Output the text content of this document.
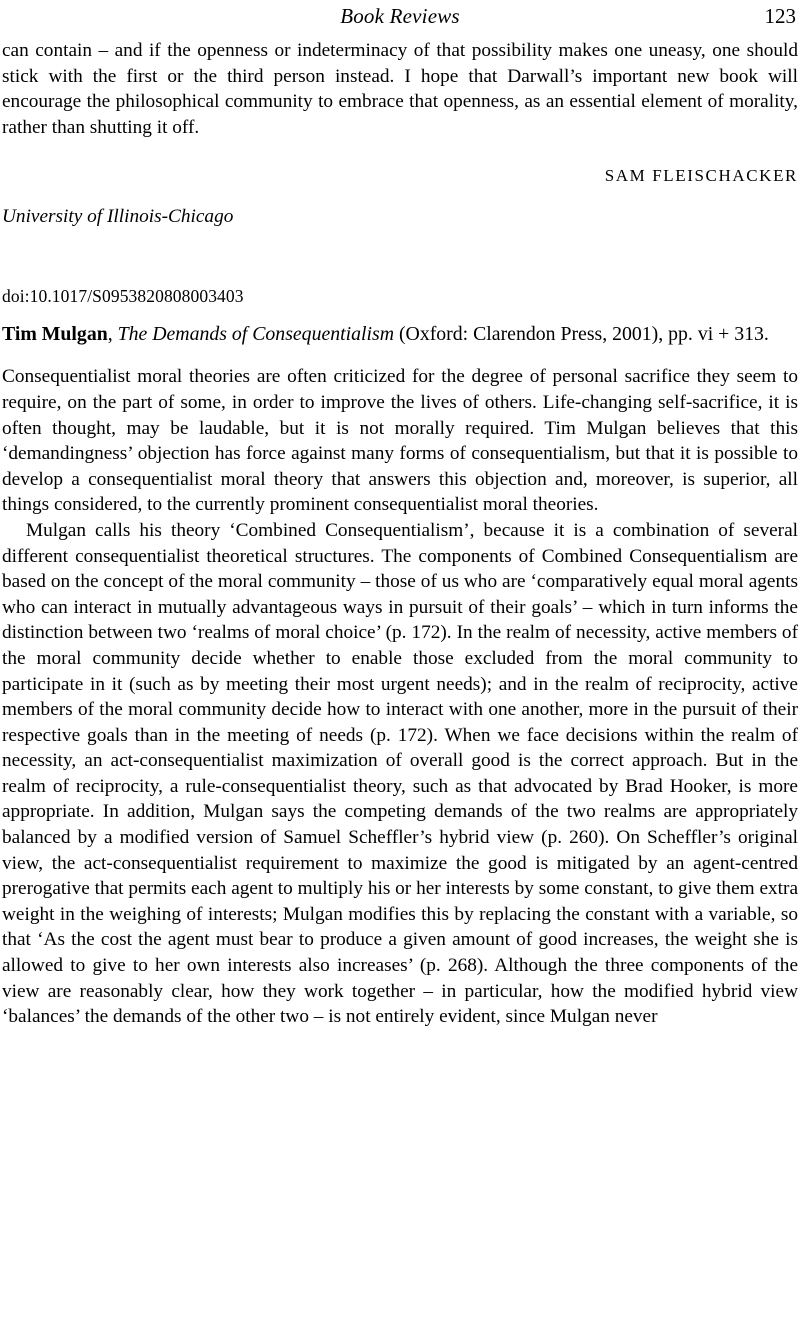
Book Reviews	123

can contain – and if the openness or indeterminacy of that possibility makes one uneasy, one should stick with the first or the third person instead. I hope that Darwall’s important new book will encourage the philosophical community to embrace that openness, as an essential element of morality, rather than shutting it off.

SAM FLEISCHACKER
University of Illinois-Chicago
doi:10.1017/S0953820808003403
Tim Mulgan, The Demands of Consequentialism (Oxford: Clarendon Press, 2001), pp. vi + 313.

Consequentialist moral theories are often criticized for the degree of personal sacrifice they seem to require, on the part of some, in order to improve the lives of others. Life-changing self-sacrifice, it is often thought, may be laudable, but it is not morally required. Tim Mulgan believes that this ‘demandingness’ objection has force against many forms of consequentialism, but that it is possible to develop a consequentialist moral theory that answers this objection and, moreover, is superior, all things considered, to the currently prominent consequentialist moral theories.

Mulgan calls his theory ‘Combined Consequentialism’, because it is a combination of several different consequentialist theoretical structures. The components of Combined Consequentialism are based on the concept of the moral community – those of us who are ‘comparatively equal moral agents who can interact in mutually advantageous ways in pursuit of their goals’ – which in turn informs the distinction between two ‘realms of moral choice’ (p. 172). In the realm of necessity, active members of the moral community decide whether to enable those excluded from the moral community to participate in it (such as by meeting their most urgent needs); and in the realm of reciprocity, active members of the moral community decide how to interact with one another, more in the pursuit of their respective goals than in the meeting of needs (p. 172). When we face decisions within the realm of necessity, an act-consequentialist maximization of overall good is the correct approach. But in the realm of reciprocity, a rule-consequentialist theory, such as that advocated by Brad Hooker, is more appropriate. In addition, Mulgan says the competing demands of the two realms are appropriately balanced by a modified version of Samuel Scheffler’s hybrid view (p. 260). On Scheffler’s original view, the act-consequentialist requirement to maximize the good is mitigated by an agent-centred prerogative that permits each agent to multiply his or her interests by some constant, to give them extra weight in the weighing of interests; Mulgan modifies this by replacing the constant with a variable, so that ‘As the cost the agent must bear to produce a given amount of good increases, the weight she is allowed to give to her own interests also increases’ (p. 268). Although the three components of the view are reasonably clear, how they work together – in particular, how the modified hybrid view ‘balances’ the demands of the other two – is not entirely evident, since Mulgan never
